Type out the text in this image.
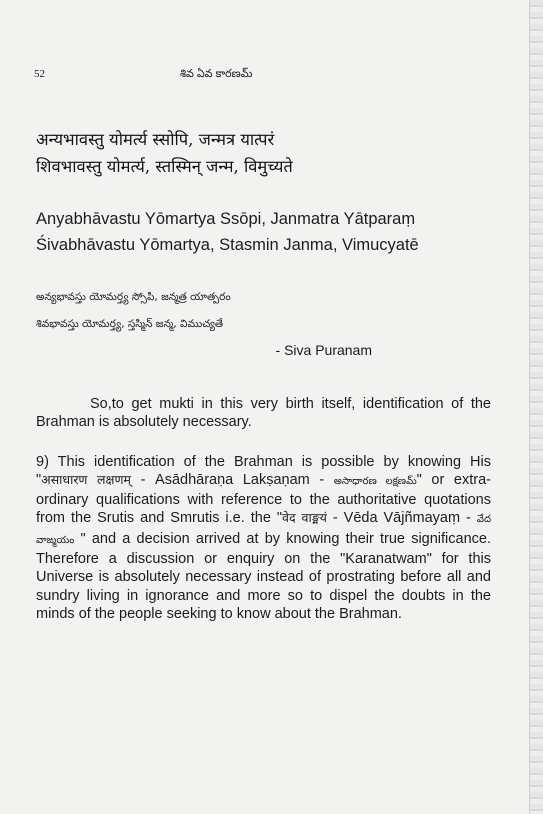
52	శివ ఏవ కారణమ్
अन्यभावस्तु योमर्त्य स्सोपि, जन्मत्र यात्परं
शिवभावस्तु योमर्त्य, स्तस्मिन् जन्म, विमुच्यते
Anyabhāvastu Yōmartya Ssōpi, Janmatra Yātparaṃ
Śivabhāvastu Yōmartya, Stasmin Janma, Vimucyatē
అన్యభావస్తు యోమర్త్య స్సోపి, జన్మత్ర యాత్పరం
శివభావస్తు యోమర్త్య, స్తస్మిన్ జన్మ, విముచ్యతే
- Siva Puranam

So,to get mukti in this very birth itself, identification of the Brahman is absolutely necessary.

9) This identification of the Brahman is possible by knowing His "असाधारण लक्षणम् - Asādhāraṇa Lakṣaṇam - అసాధారణ లక్షణమ్" or extra-ordinary qualifications with reference to the authoritative quotations from the Srutis and Smrutis i.e. the "वेद वाङ्मयं - Vēda Vājñmayaṃ - వేద వాఙ్మయం " and a decision arrived at by knowing their true significance. Therefore a discussion or enquiry on the "Karanatwam" for this Universe is absolutely necessary instead of prostrating before all and sundry living in ignorance and more so to dispel the doubts in the minds of the people seeking to know about the Brahman.
